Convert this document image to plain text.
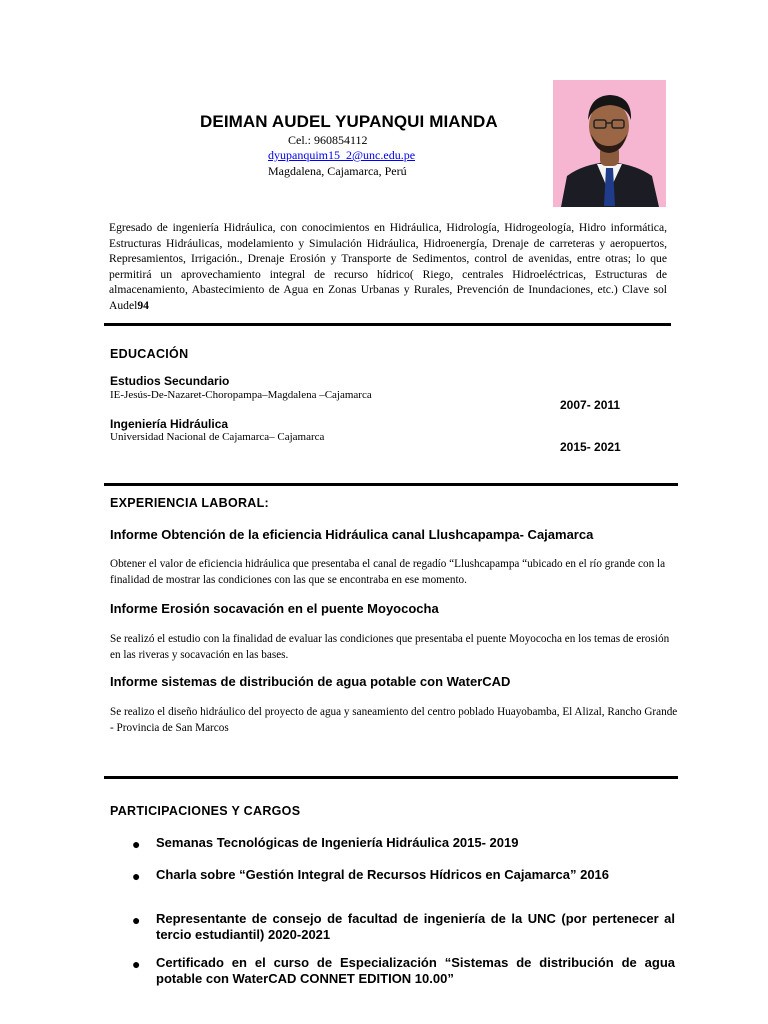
DEIMAN AUDEL YUPANQUI MIANDA
Cel.: 960854112
dyupanquim15_2@unc.edu.pe
Magdalena, Cajamarca, Perú
Egresado de ingeniería Hidráulica, con conocimientos en Hidráulica, Hidrología, Hidrogeología, Hidro informática, Estructuras Hidráulicas, modelamiento y Simulación Hidráulica, Hidroenergía, Drenaje de carreteras y aeropuertos, Represamientos, Irrigación., Drenaje Erosión y Transporte de Sedimentos, control de avenidas, entre otras; lo que permitirá un aprovechamiento integral de recurso hídrico( Riego, centrales Hidroeléctricas, Estructuras de almacenamiento, Abastecimiento de Agua en Zonas Urbanas y Rurales, Prevención de Inundaciones, etc.) Clave sol Audel94
EDUCACIÓN
Estudios Secundario
IE-Jesús-De-Nazaret-Choropampa–Magdalena –Cajamarca
2007- 2011
Ingeniería Hidráulica
Universidad Nacional de Cajamarca– Cajamarca
2015- 2021
EXPERIENCIA LABORAL:
Informe Obtención de la eficiencia Hidráulica canal Llushcapampa- Cajamarca
Obtener el valor de eficiencia hidráulica que presentaba el canal de regadío “Llushcapampa “ubicado en el río grande con la finalidad de mostrar las condiciones con las que se encontraba en ese momento.
Informe Erosión socavación en el puente Moyococha
Se realizó el estudio con la finalidad de evaluar las condiciones que presentaba el puente Moyococha en los temas de erosión en las riveras y socavación en las bases.
Informe sistemas de distribución de agua potable con WaterCAD
Se realizo el diseño hidráulico del proyecto de agua y saneamiento del centro poblado Huayobamba, El Alizal, Rancho Grande - Provincia de San Marcos
PARTICIPACIONES Y CARGOS
● Semanas Tecnológicas de Ingeniería Hidráulica 2015- 2019
● Charla sobre “Gestión Integral de Recursos Hídricos en Cajamarca” 2016
● Representante de consejo de facultad de ingeniería de la UNC (por pertenecer al tercio estudiantil) 2020-2021
● Certificado en el curso de Especialización “Sistemas de distribución de agua potable con WaterCAD CONNET EDITION 10.00”
